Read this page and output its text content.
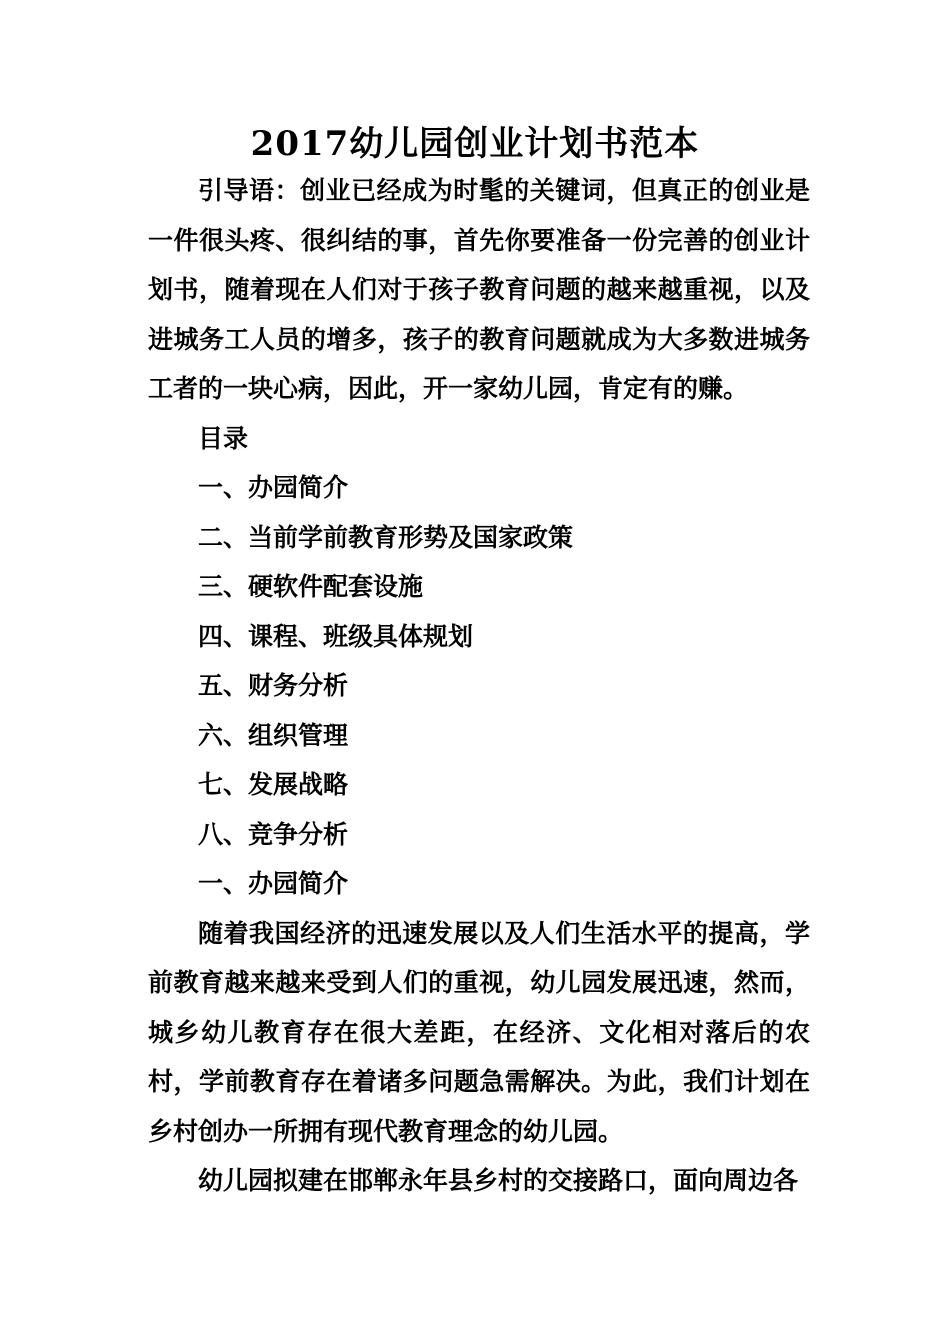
2017幼儿园创业计划书范本

引导语：创业已经成为时髦的关键词，但真正的创业是一件很头疼、很纠结的事，首先你要准备一份完善的创业计划书，随着现在人们对于孩子教育问题的越来越重视，以及进城务工人员的增多，孩子的教育问题就成为大多数进城务工者的一块心病，因此，开一家幼儿园，肯定有的赚。

目录

一、办园简介

二、当前学前教育形势及国家政策

三、硬软件配套设施

四、课程、班级具体规划

五、财务分析

六、组织管理

七、发展战略

八、竞争分析

一、办园简介

随着我国经济的迅速发展以及人们生活水平的提高，学前教育越来越来受到人们的重视，幼儿园发展迅速，然而，城乡幼儿教育存在很大差距，在经济、文化相对落后的农村，学前教育存在着诸多问题急需解决。为此，我们计划在乡村创办一所拥有现代教育理念的幼儿园。

幼儿园拟建在邯郸永年县乡村的交接路口，面向周边各
